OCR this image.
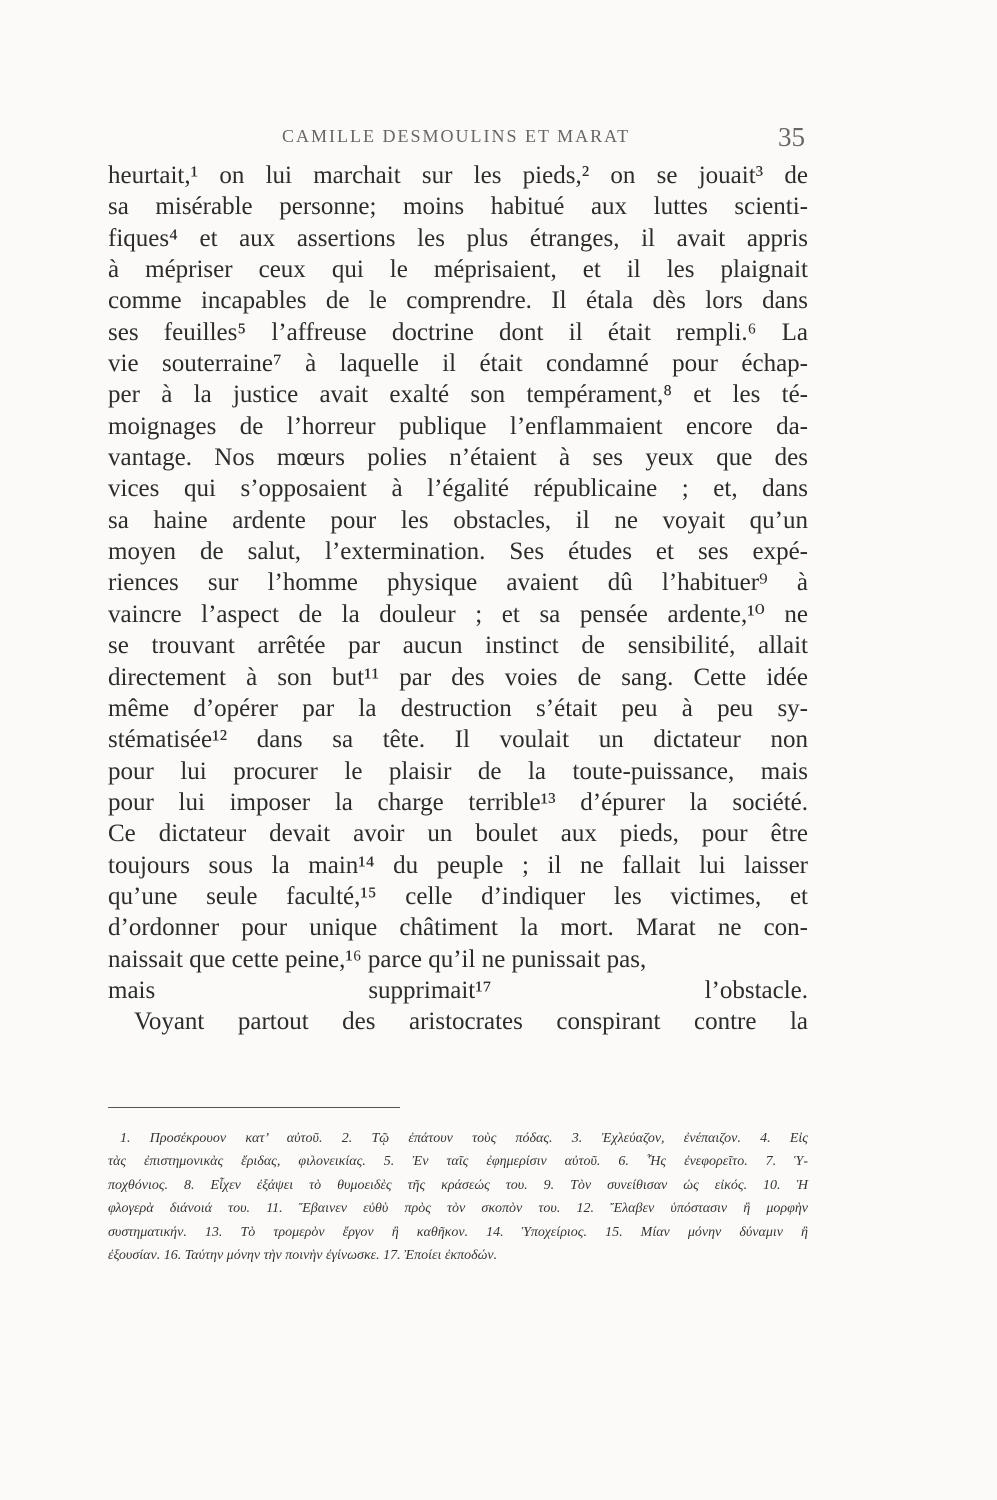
CAMILLE DESMOULINS ET MARAT	35
heurtait,¹ on lui marchait sur les pieds,² on se jouait³ de
sa misérable personne; moins habitué aux luttes scienti-
fiques⁴ et aux assertions les plus étranges, il avait appris
à mépriser ceux qui le méprisaient, et il les plaignait
comme incapables de le comprendre. Il étala dès lors dans
ses feuilles⁵ l’affreuse doctrine dont il était rempli.⁶ La
vie souterraine⁷ à laquelle il était condamné pour échap-
per à la justice avait exalté son tempérament,⁸ et les té-
moignages de l’horreur publique l’enflammaient encore da-
vantage. Nos mœurs polies n’étaient à ses yeux que des
vices qui s’opposaient à l’égalité républicaine ; et, dans
sa haine ardente pour les obstacles, il ne voyait qu’un
moyen de salut, l’extermination. Ses études et ses expé-
riences sur l’homme physique avaient dû l’habituer⁹ à
vaincre l’aspect de la douleur ; et sa pensée ardente,¹⁰ ne
se trouvant arrêtée par aucun instinct de sensibilité, allait
directement à son but¹¹ par des voies de sang. Cette idée
même d’opérer par la destruction s’était peu à peu sy-
stématisée¹² dans sa tête. Il voulait un dictateur non
pour lui procurer le plaisir de la toute-puissance, mais
pour lui imposer la charge terrible¹³ d’épurer la société.
Ce dictateur devait avoir un boulet aux pieds, pour être
toujours sous la main¹⁴ du peuple ; il ne fallait lui laisser
qu’une seule faculté,¹⁵ celle d’indiquer les victimes, et
d’ordonner pour unique châtiment la mort. Marat ne con-
naissait que cette peine,¹⁶ parce qu’il ne punissait pas,
mais supprimait¹⁷ l’obstacle.
Voyant partout des aristocrates conspirant contre la
1. Προσέκρουον κατ’ αὐτοῦ. 2. Τῷ ἐπάτουν τοὺς πόδας. 3. Ἐχλεύαζον, ἐνέπαιζον. 4. Εἰς
τὰς ἐπιστημονικὰς ἔριδας, φιλονεικίας. 5. Ἐν ταῖς ἐφημερίσιν αὐτοῦ. 6. Ἧς ἐνεφορεῖτο. 7. Ὑ-
ποχθόνιος. 8. Εἶχεν ἐξάψει τὸ θυμοειδὲς τῆς κράσεώς του. 9. Τὸν συνείθισαν ὡς εἰκός. 10. Ἡ
φλογερὰ διάνοιά του. 11. Ἔβαινεν εὐθὺ πρὸς τὸν σκοπὸν του. 12. Ἔλαβεν ὑπόστασιν ἢ μορφὴν
συστηματικήν. 13. Τὸ τρομερὸν ἔργον ἢ καθῆκον. 14. Ὑποχείριος. 15. Μίαν μόνην δύναμιν ἢ
ἐξουσίαν. 16. Ταύτην μόνην τὴν ποινὴν ἐγίνωσκε. 17. Ἐποίει ἐκποδών.
